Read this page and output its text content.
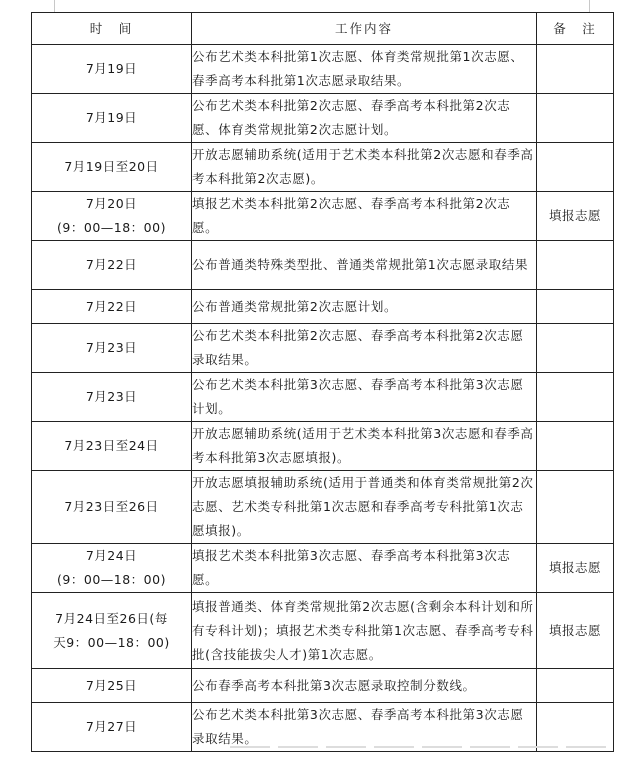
时　间	工作内容	备　注

7月19日	公布艺术类本科批第1次志愿、体育类常规批第1次志愿、春季高考本科批第1次志愿录取结果。	

7月19日	公布艺术类本科批第2次志愿、春季高考本科批第2次志愿、体育类常规批第2次志愿计划。	

7月19日至20日	开放志愿辅助系统(适用于艺术类本科批第2次志愿和春季高考本科批第2次志愿)。	

7月20日
(9：00—18：00)	填报艺术类本科批第2次志愿、春季高考本科批第2次志愿。	填报志愿

7月22日	公布普通类特殊类型批、普通类常规批第1次志愿录取结果	

7月22日	公布普通类常规批第2次志愿计划。	

7月23日	公布艺术类本科批第2次志愿、春季高考本科批第2次志愿录取结果。	

7月23日	公布艺术类本科批第3次志愿、春季高考本科批第3次志愿计划。	

7月23日至24日	开放志愿辅助系统(适用于艺术类本科批第3次志愿和春季高考本科批第3次志愿填报)。	

7月23日至26日	开放志愿填报辅助系统(适用于普通类和体育类常规批第2次志愿、艺术类专科批第1次志愿和春季高考专科批第1次志愿填报)。	

7月24日
(9：00—18：00)	填报艺术类本科批第3次志愿、春季高考本科批第3次志愿。	填报志愿

7月24日至26日(每
天9：00—18：00)	填报普通类、体育类常规批第2次志愿(含剩余本科计划和所有专科计划)；填报艺术类专科批第1次志愿、春季高考专科批(含技能拔尖人才)第1次志愿。	填报志愿

7月25日	公布春季高考本科批第3次志愿录取控制分数线。	

7月27日	公布艺术类本科批第3次志愿、春季高考本科批第3次志愿录取结果。	
